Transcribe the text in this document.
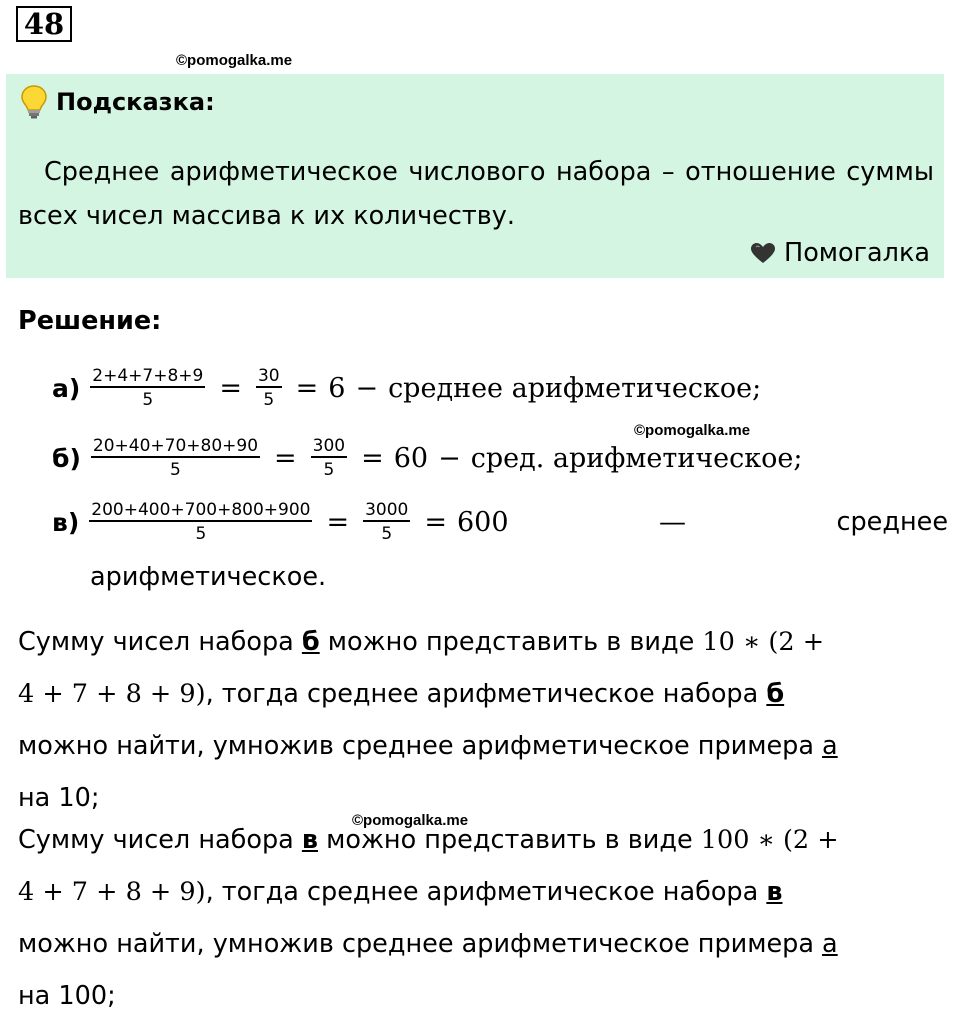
48
©pomogalka.me
Подсказка:
Среднее арифметическое числового набора – отношение суммы всех чисел массива к их количеству.
Помогалка
Решение:
$а) \frac{2+4+7+8+9}{5} = \frac{30}{5} = 6$ − среднее арифметическое;
©pomogalka.me
$б) \frac{20+40+70+80+90}{5} = \frac{300}{5} = 60$ − сред. арифметическое;
$в) \frac{200+400+700+800+900}{5} = \frac{3000}{5} = 600$	—	среднее
арифметическое.
Сумму чисел набора б можно представить в виде 10 ∗ (2 +
4 + 7 + 8 + 9), тогда среднее арифметическое набора б
можно найти, умножив среднее арифметическое примера а
на 10;
©pomogalka.me
Сумму чисел набора в можно представить в виде 100 ∗ (2 +
4 + 7 + 8 + 9), тогда среднее арифметическое набора в
можно найти, умножив среднее арифметическое примера а
на 100;
